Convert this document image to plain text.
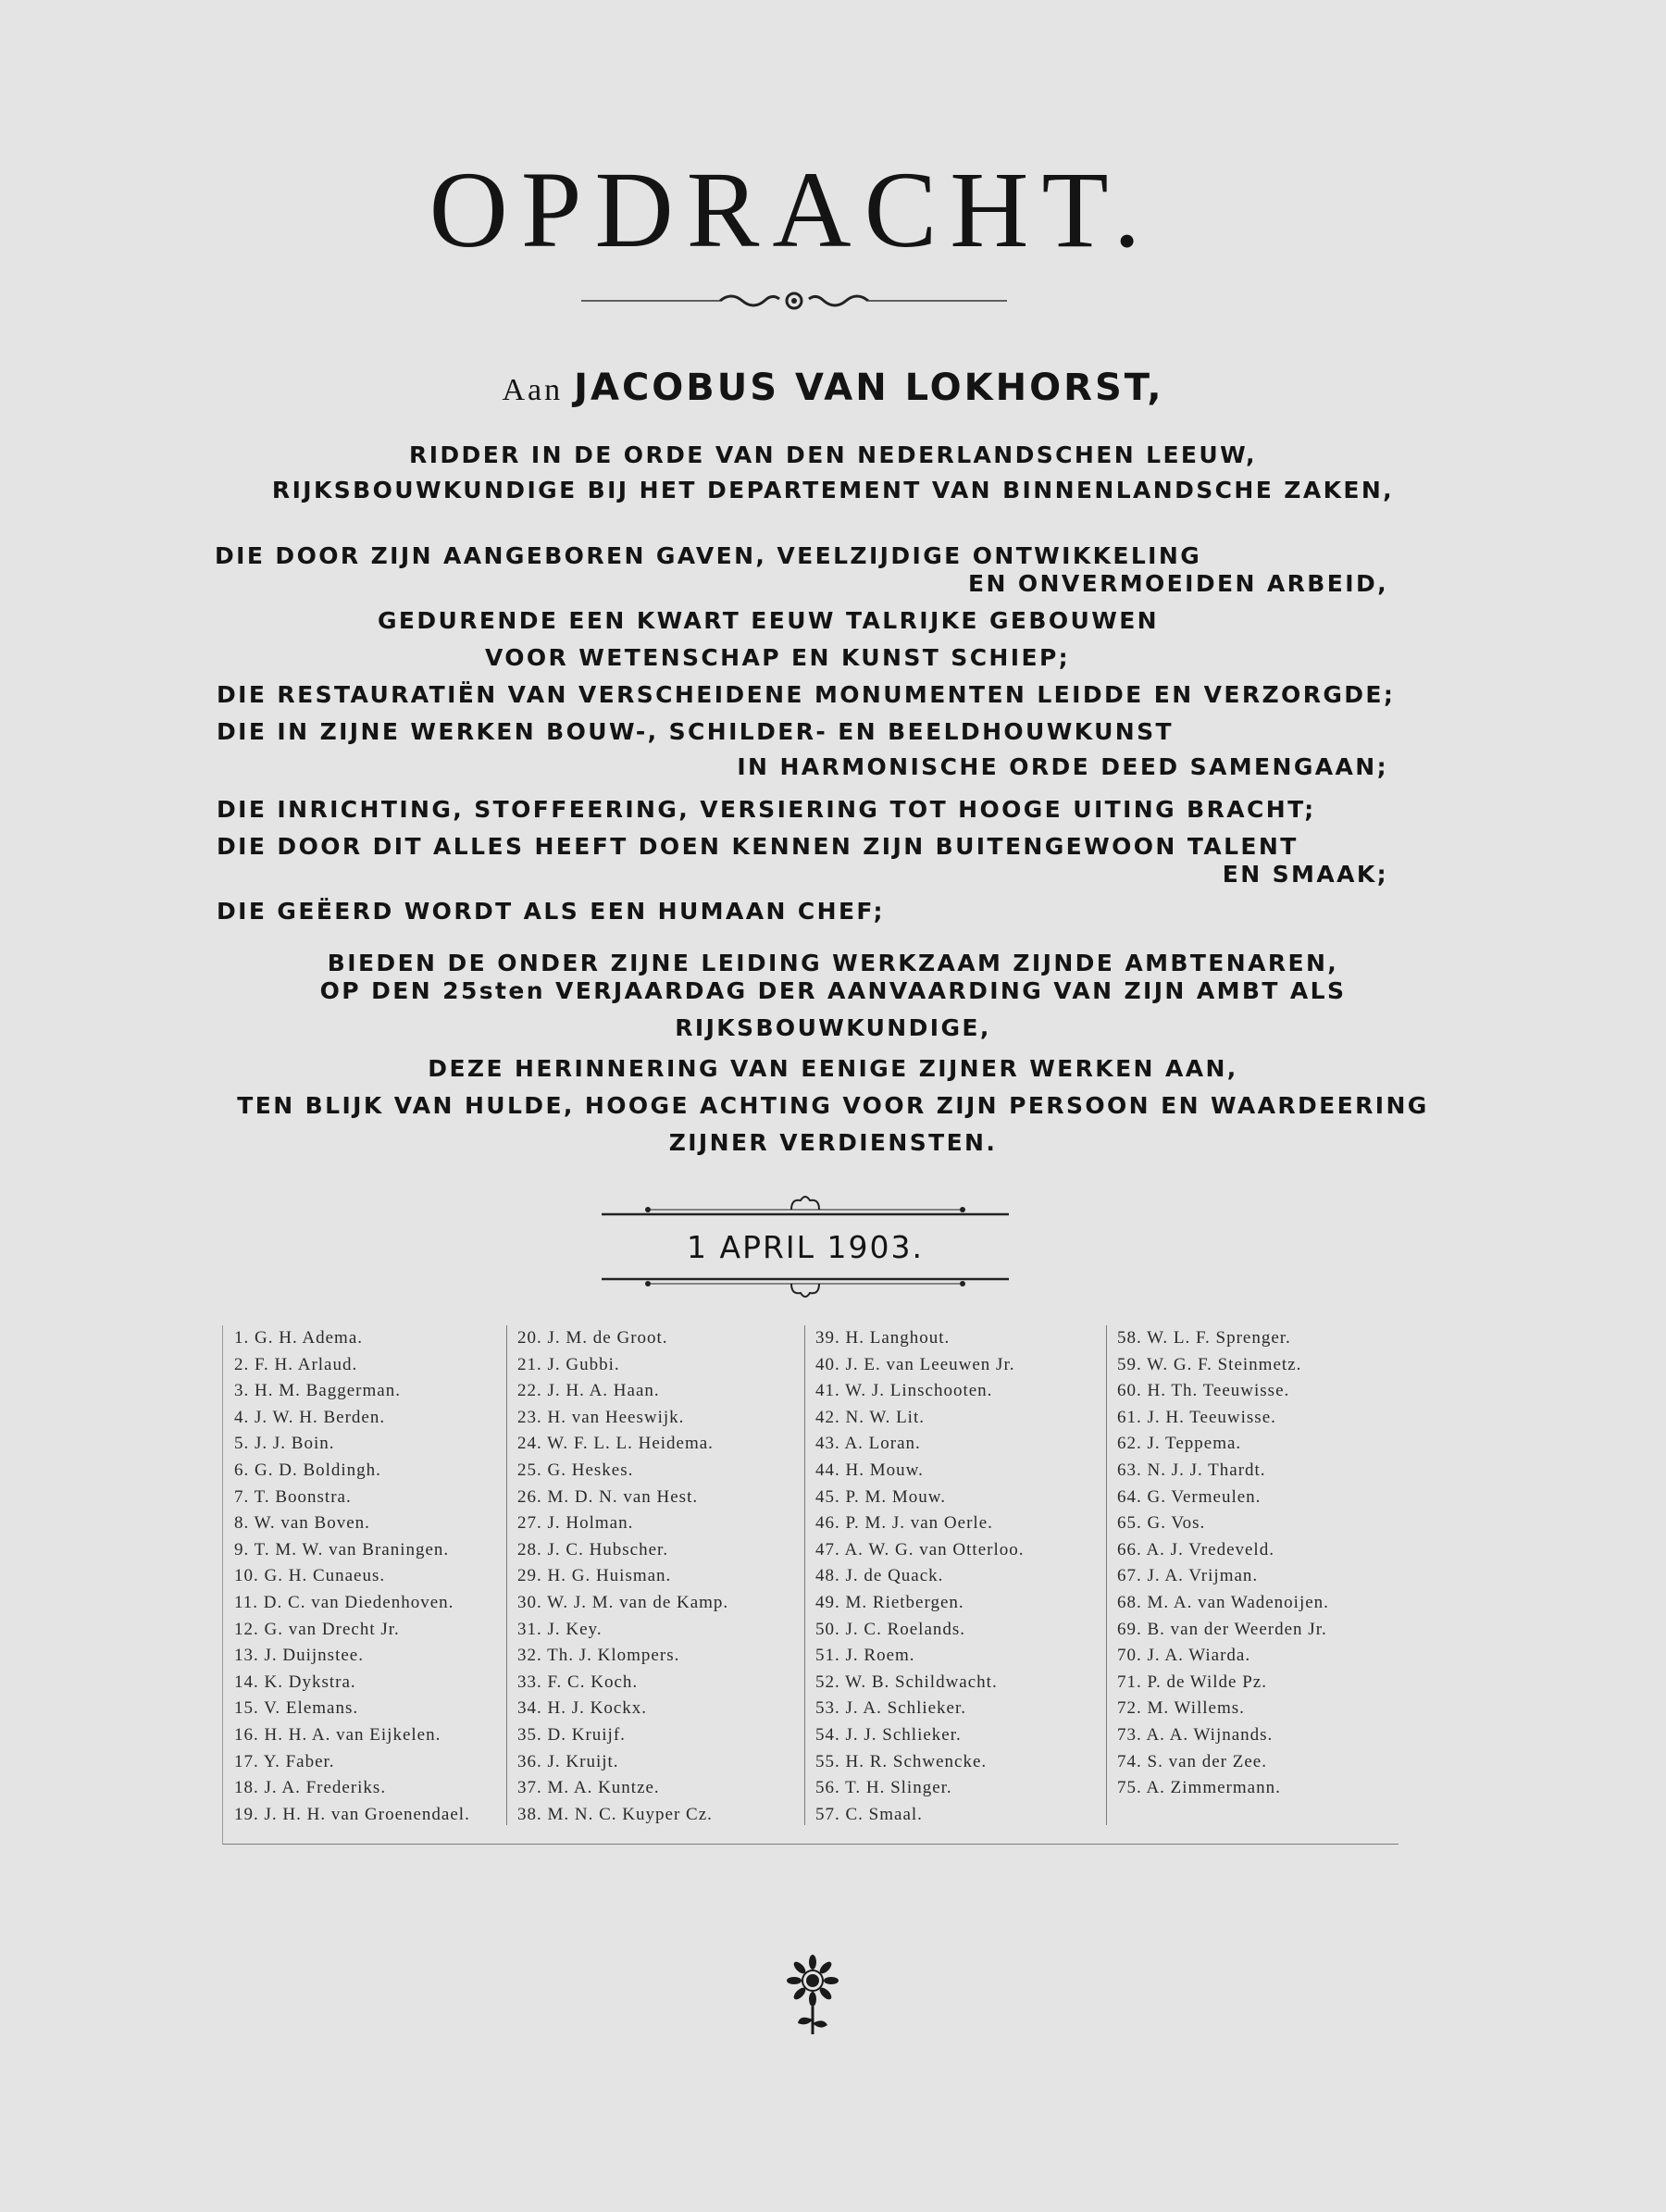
OPDRACHT.
Aan JACOBUS VAN LOKHORST,
RIDDER IN DE ORDE VAN DEN NEDERLANDSCHEN LEEUW,
RIJKSBOUWKUNDIGE BIJ HET DEPARTEMENT VAN BINNENLANDSCHE ZAKEN,
DIE DOOR ZIJN AANGEBOREN GAVEN, VEELZIJDIGE ONTWIKKELING
EN ONVERMOEIDEN ARBEID,
GEDURENDE EEN KWART EEUW TALRIJKE GEBOUWEN
VOOR WETENSCHAP EN KUNST SCHIEP;
DIE RESTAURATIËN VAN VERSCHEIDENE MONUMENTEN LEIDDE EN VERZORGDE;
DIE IN ZIJNE WERKEN BOUW-, SCHILDER- EN BEELDHOUWKUNST
IN HARMONISCHE ORDE DEED SAMENGAAN;
DIE INRICHTING, STOFFEERING, VERSIERING TOT HOOGE UITING BRACHT;
DIE DOOR DIT ALLES HEEFT DOEN KENNEN ZIJN BUITENGEWOON TALENT
EN SMAAK;
DIE GEËERD WORDT ALS EEN HUMAAN CHEF;
BIEDEN DE ONDER ZIJNE LEIDING WERKZAAM ZIJNDE AMBTENAREN,
OP DEN 25sten VERJAARDAG DER AANVAARDING VAN ZIJN AMBT ALS
RIJKSBOUWKUNDIGE,
DEZE HERINNERING VAN EENIGE ZIJNER WERKEN AAN,
TEN BLIJK VAN HULDE, HOOGE ACHTING VOOR ZIJN PERSOON EN WAARDEERING
ZIJNER VERDIENSTEN.
1 APRIL 1903.
1. G. H. Adema.
2. F. H. Arlaud.
3. H. M. Baggerman.
4. J. W. H. Berden.
5. J. J. Boin.
6. G. D. Boldingh.
7. T. Boonstra.
8. W. van Boven.
9. T. M. W. van Braningen.
10. G. H. Cunaeus.
11. D. C. van Diedenhoven.
12. G. van Drecht Jr.
13. J. Duijnstee.
14. K. Dykstra.
15. V. Elemans.
16. H. H. A. van Eijkelen.
17. Y. Faber.
18. J. A. Frederiks.
19. J. H. H. van Groenendael.
20. J. M. de Groot.
21. J. Gubbi.
22. J. H. A. Haan.
23. H. van Heeswijk.
24. W. F. L. L. Heidema.
25. G. Heskes.
26. M. D. N. van Hest.
27. J. Holman.
28. J. C. Hubscher.
29. H. G. Huisman.
30. W. J. M. van de Kamp.
31. J. Key.
32. Th. J. Klompers.
33. F. C. Koch.
34. H. J. Kockx.
35. D. Kruijf.
36. J. Kruijt.
37. M. A. Kuntze.
38. M. N. C. Kuyper Cz.
39. H. Langhout.
40. J. E. van Leeuwen Jr.
41. W. J. Linschooten.
42. N. W. Lit.
43. A. Loran.
44. H. Mouw.
45. P. M. Mouw.
46. P. M. J. van Oerle.
47. A. W. G. van Otterloo.
48. J. de Quack.
49. M. Rietbergen.
50. J. C. Roelands.
51. J. Roem.
52. W. B. Schildwacht.
53. J. A. Schlieker.
54. J. J. Schlieker.
55. H. R. Schwencke.
56. T. H. Slinger.
57. C. Smaal.
58. W. L. F. Sprenger.
59. W. G. F. Steinmetz.
60. H. Th. Teeuwisse.
61. J. H. Teeuwisse.
62. J. Teppema.
63. N. J. J. Thardt.
64. G. Vermeulen.
65. G. Vos.
66. A. J. Vredeveld.
67. J. A. Vrijman.
68. M. A. van Wadenoijen.
69. B. van der Weerden Jr.
70. J. A. Wiarda.
71. P. de Wilde Pz.
72. M. Willems.
73. A. A. Wijnands.
74. S. van der Zee.
75. A. Zimmermann.
